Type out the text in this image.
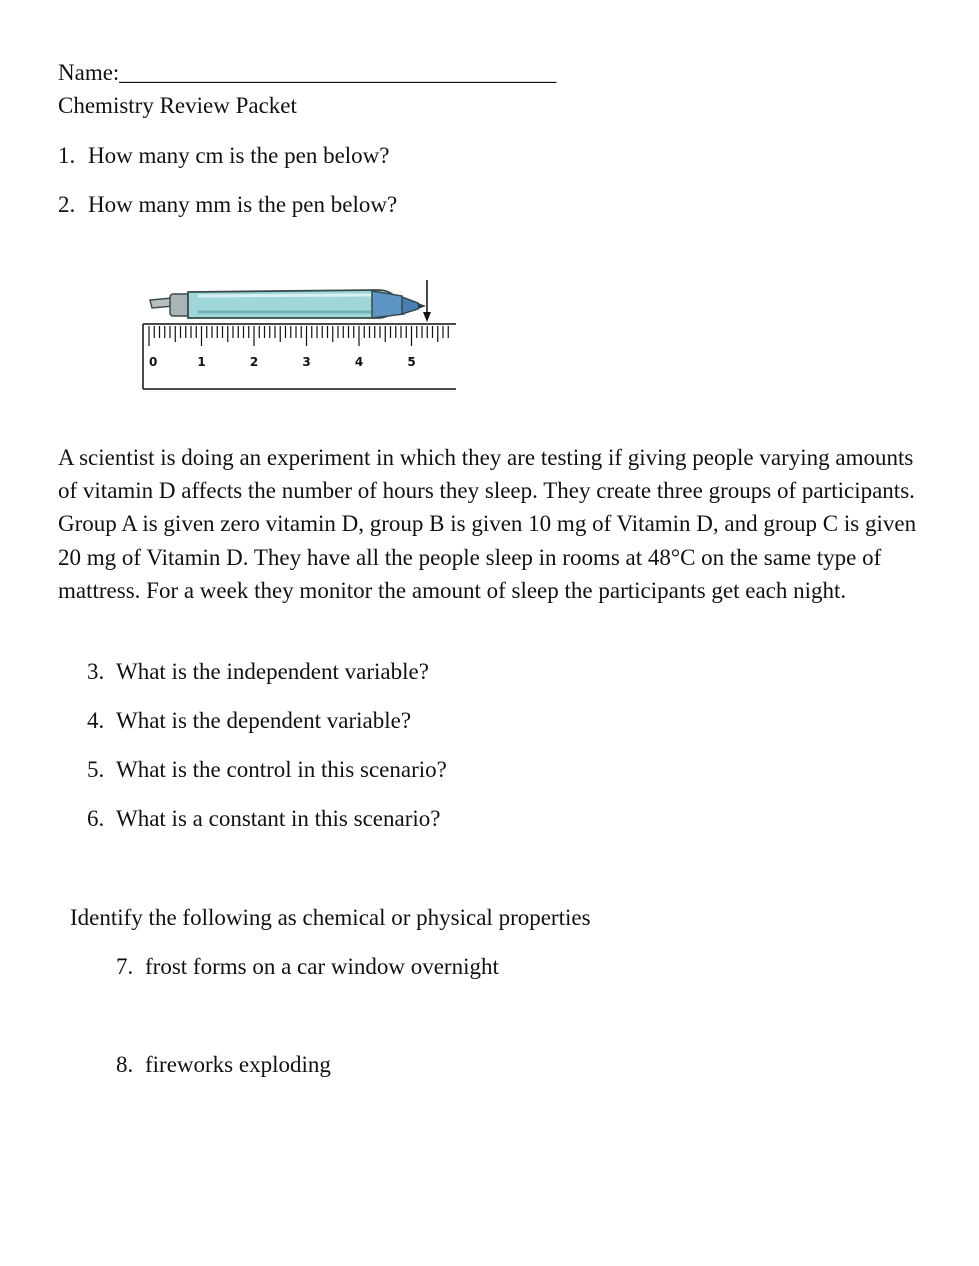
Name:______________________________________
Chemistry Review Packet
1. How many cm is the pen below?
2. How many mm is the pen below?
0	1	2	3	4	5

A scientist is doing an experiment in which they are testing if giving people varying amounts of vitamin D affects the number of hours they sleep. They create three groups of participants. Group A is given zero vitamin D, group B is given 10 mg of Vitamin D, and group C is given 20 mg of Vitamin D. They have all the people sleep in rooms at 48°C on the same type of mattress. For a week they monitor the amount of sleep the participants get each night.

3. What is the independent variable?
4. What is the dependent variable?
5. What is the control in this scenario?
6. What is a constant in this scenario?
Identify the following as chemical or physical properties
7. frost forms on a car window overnight
8. fireworks exploding
